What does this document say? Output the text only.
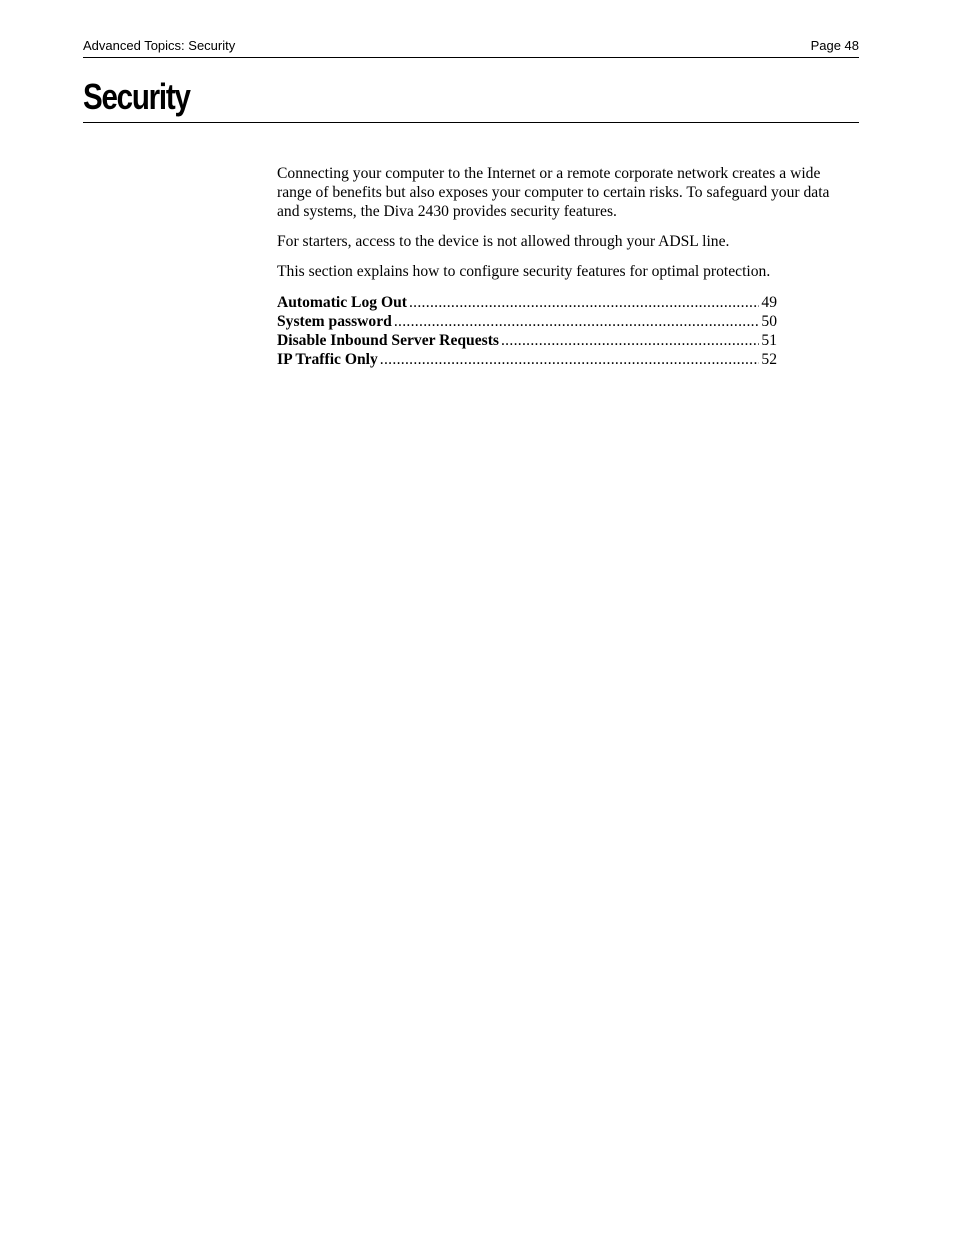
Advanced Topics: Security	Page 48
Security

Connecting your computer to the Internet or a remote corporate network creates a wide range of benefits but also exposes your computer to certain risks. To safeguard your data and systems, the Diva 2430 provides security features.

For starters, access to the device is not allowed through your ADSL line.

This section explains how to configure security features for optimal protection.

Automatic Log Out .....	49
System password .....	50
Disable Inbound Server Requests .....	51
IP Traffic Only .....	52
